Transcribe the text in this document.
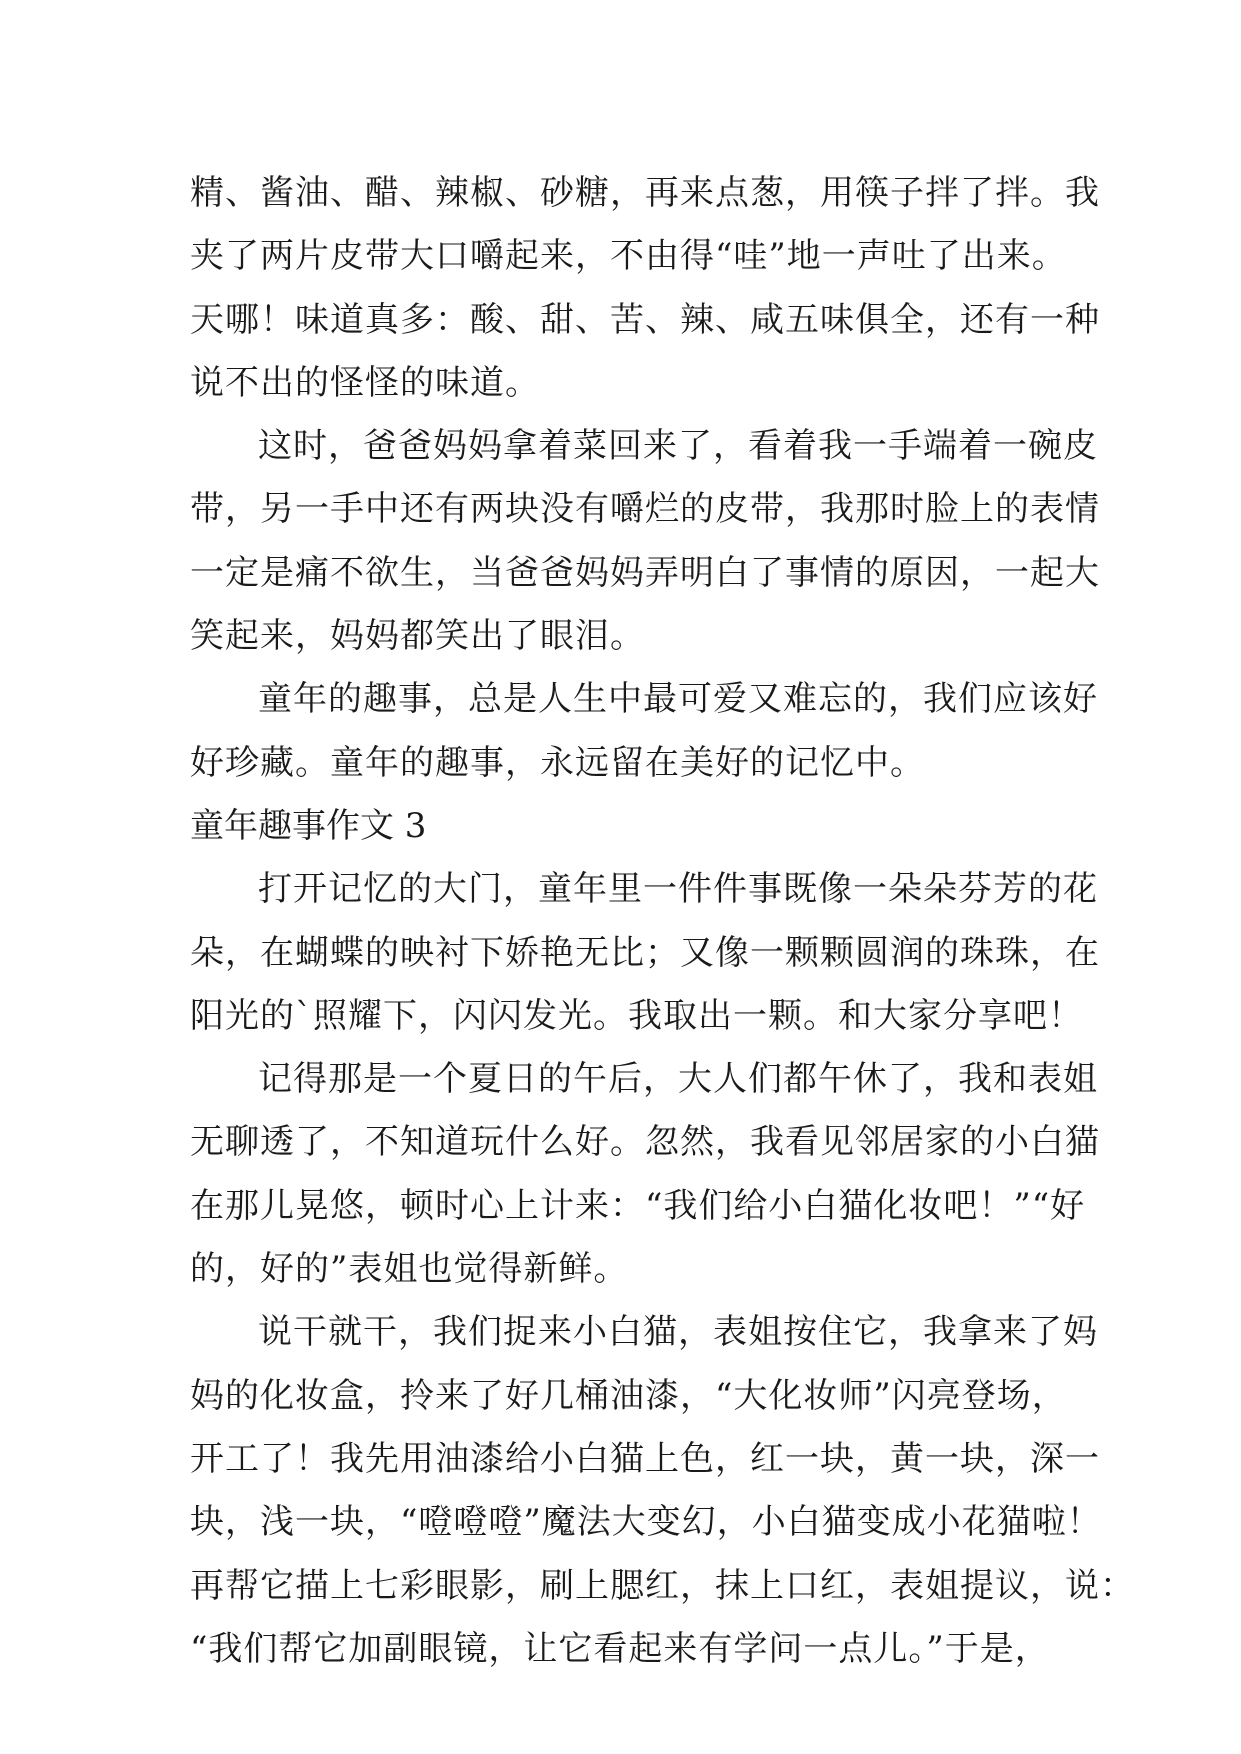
精、酱油、醋、辣椒、砂糖，再来点葱，用筷子拌了拌。我
夹了两片皮带大口嚼起来，不由得“哇”地一声吐了出来。
天哪！味道真多：酸、甜、苦、辣、咸五味俱全，还有一种
说不出的怪怪的味道。
这时，爸爸妈妈拿着菜回来了，看着我一手端着一碗皮
带，另一手中还有两块没有嚼烂的皮带，我那时脸上的表情
一定是痛不欲生，当爸爸妈妈弄明白了事情的原因，一起大
笑起来，妈妈都笑出了眼泪。
童年的趣事，总是人生中最可爱又难忘的，我们应该好
好珍藏。童年的趣事，永远留在美好的记忆中。
童年趣事作文 3
打开记忆的大门，童年里一件件事既像一朵朵芬芳的花
朵，在蝴蝶的映衬下娇艳无比；又像一颗颗圆润的珠珠，在
阳光的`照耀下，闪闪发光。我取出一颗。和大家分享吧！
记得那是一个夏日的午后，大人们都午休了，我和表姐
无聊透了，不知道玩什么好。忽然，我看见邻居家的小白猫
在那儿晃悠，顿时心上计来：“我们给小白猫化妆吧！”“好
的，好的”表姐也觉得新鲜。
说干就干，我们捉来小白猫，表姐按住它，我拿来了妈
妈的化妆盒，拎来了好几桶油漆，“大化妆师”闪亮登场，
开工了！我先用油漆给小白猫上色，红一块，黄一块，深一
块，浅一块，“噔噔噔”魔法大变幻，小白猫变成小花猫啦！
再帮它描上七彩眼影，刷上腮红，抹上口红，表姐提议，说：
“我们帮它加副眼镜，让它看起来有学问一点儿。”于是，
